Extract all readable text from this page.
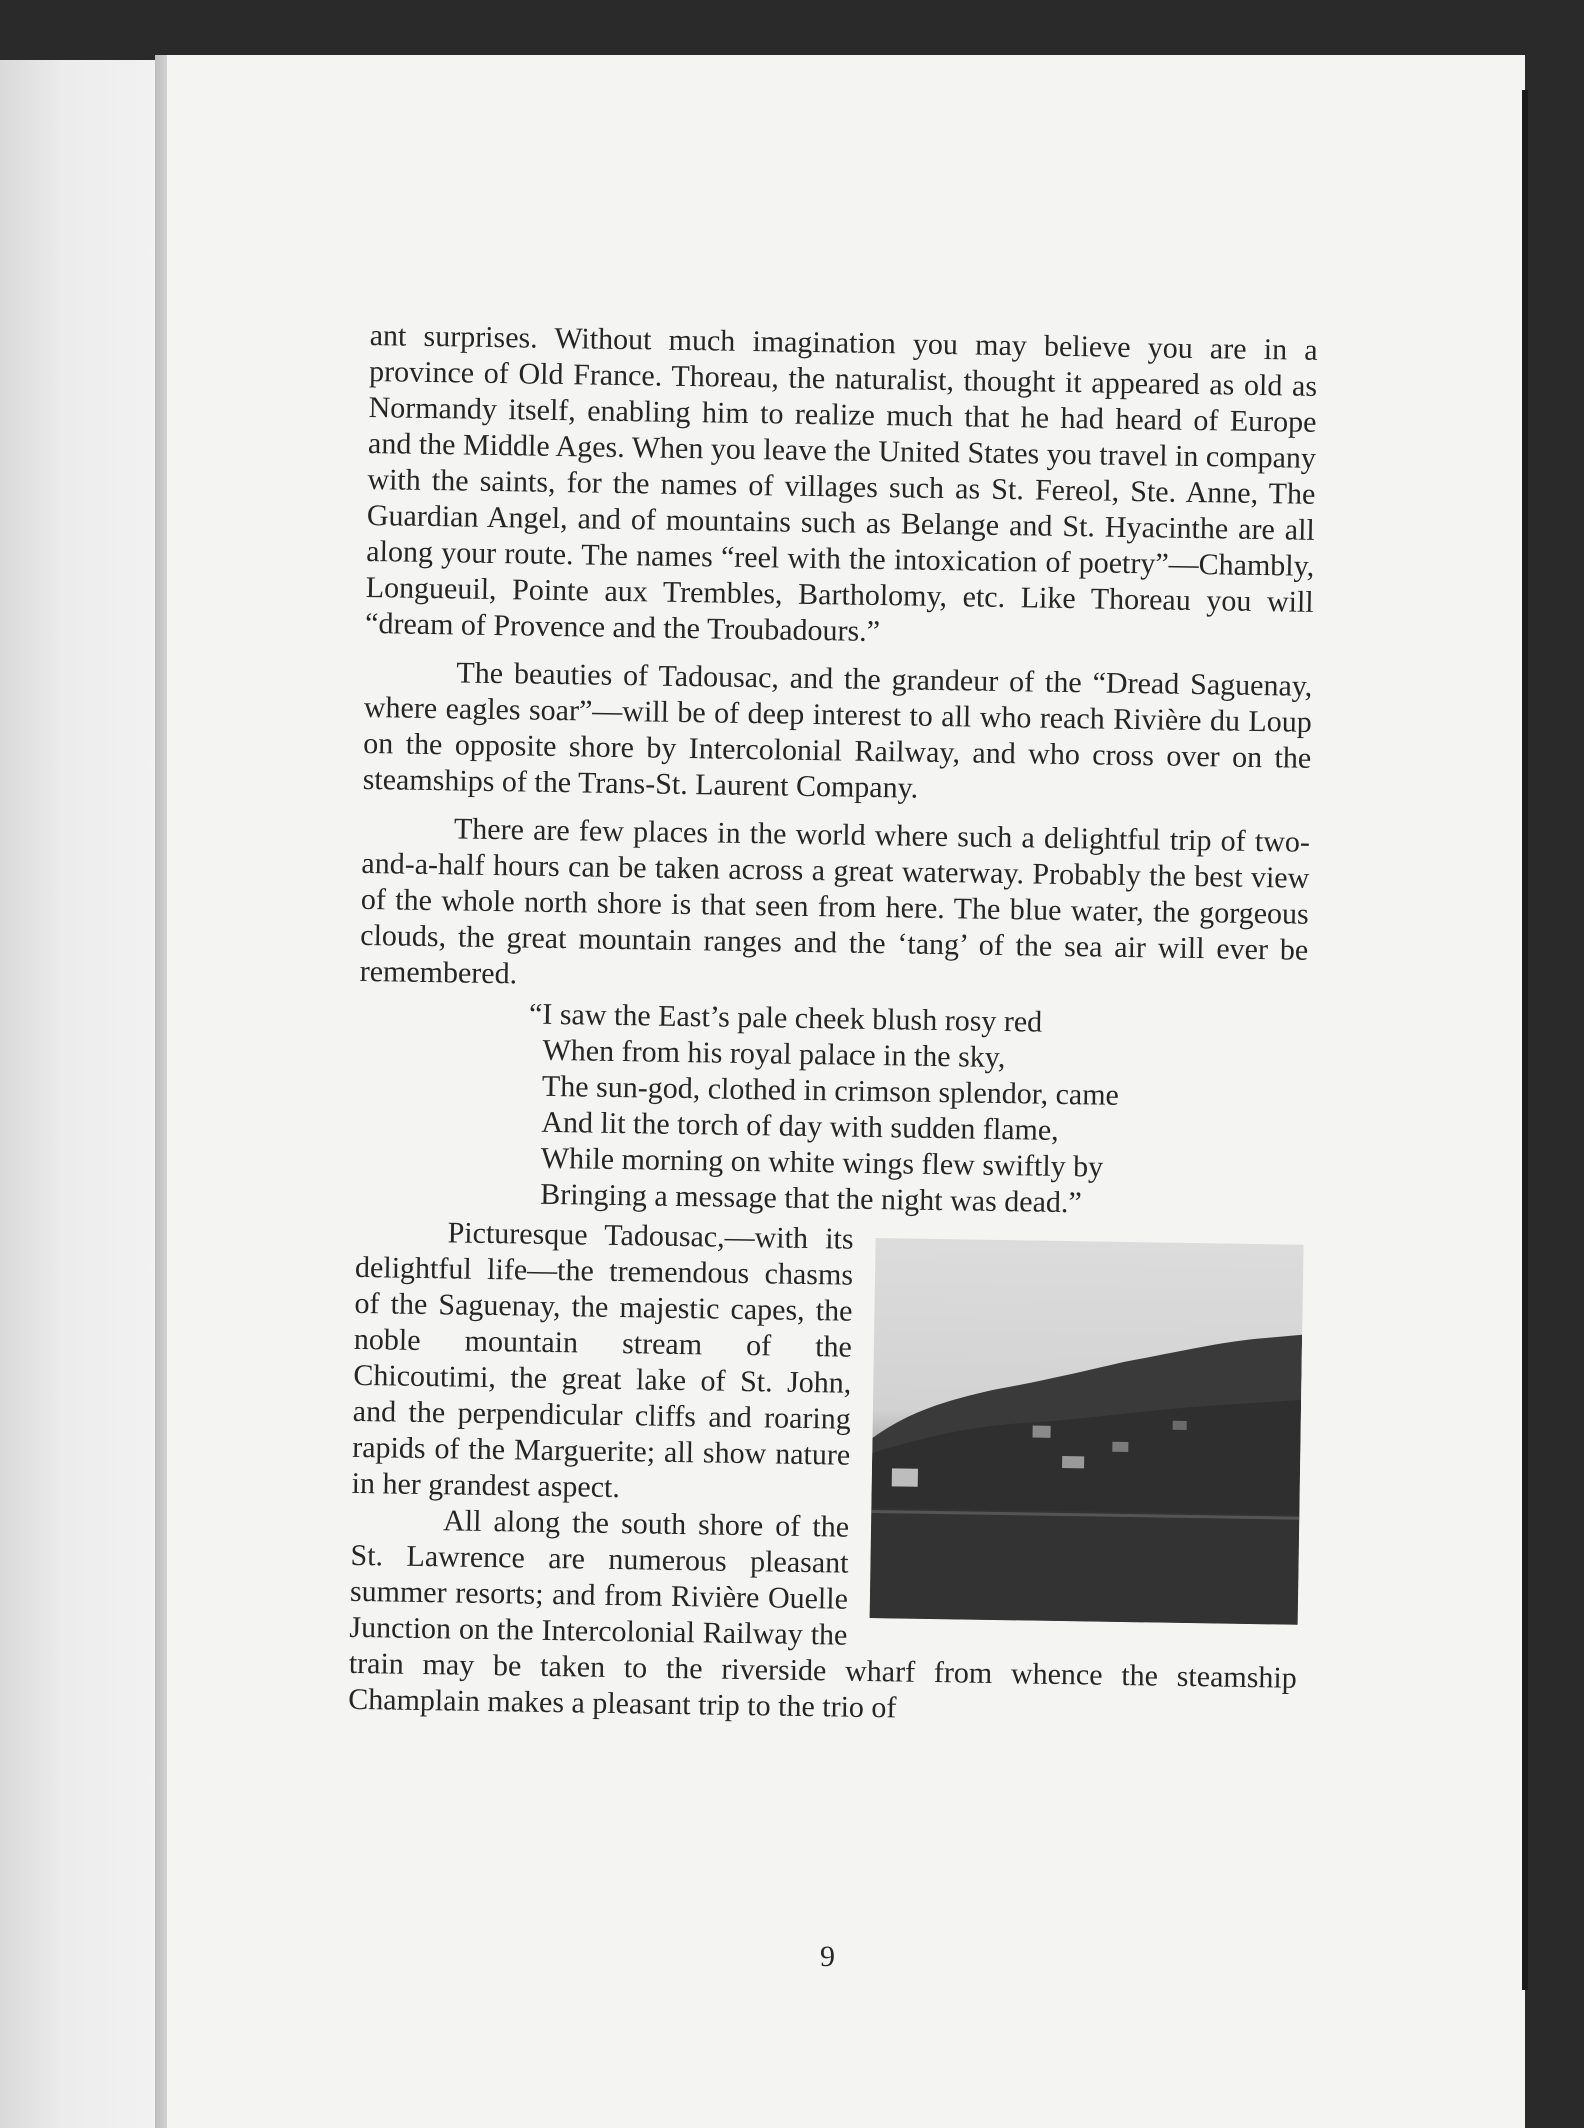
ant surprises. Without much imagination you may believe you are in a province of Old France. Thoreau, the naturalist, thought it appeared as old as Normandy itself, enabling him to realize much that he had heard of Europe and the Middle Ages. When you leave the United States you travel in company with the saints, for the names of villages such as St. Fereol, Ste. Anne, The Guardian Angel, and of mountains such as Belange and St. Hyacinthe are all along your route. The names “reel with the intoxication of poetry”—Chambly, Longueuil, Pointe aux Trembles, Bartholomy, etc. Like Thoreau you will “dream of Provence and the Troubadours.”

The beauties of Tadousac, and the grandeur of the “Dread Saguenay, where eagles soar”—will be of deep interest to all who reach Rivière du Loup on the opposite shore by Intercolonial Railway, and who cross over on the steamships of the Trans-St. Laurent Company.

There are few places in the world where such a delightful trip of two-and-a-half hours can be taken across a great waterway. Probably the best view of the whole north shore is that seen from here. The blue water, the gorgeous clouds, the great mountain ranges and the ‘tang’ of the sea air will ever be remembered.

“I saw the East’s pale cheek blush rosy red
When from his royal palace in the sky,
The sun-god, clothed in crimson splendor, came
And lit the torch of day with sudden flame,
While morning on white wings flew swiftly by
Bringing a message that the night was dead.”

Picturesque Tadousac,—with its delightful life—the tremendous chasms of the Saguenay, the majestic capes, the noble mountain stream of the Chicoutimi, the great lake of St. John, and the perpendicular cliffs and roaring rapids of the Marguerite; all show nature in her grandest aspect.

All along the south shore of the St. Lawrence are numerous pleasant summer resorts; and from Rivière Ouelle Junction on the Intercolonial Railway the train may be taken to the riverside wharf from whence the steamship Champlain makes a pleasant trip to the trio of

9
